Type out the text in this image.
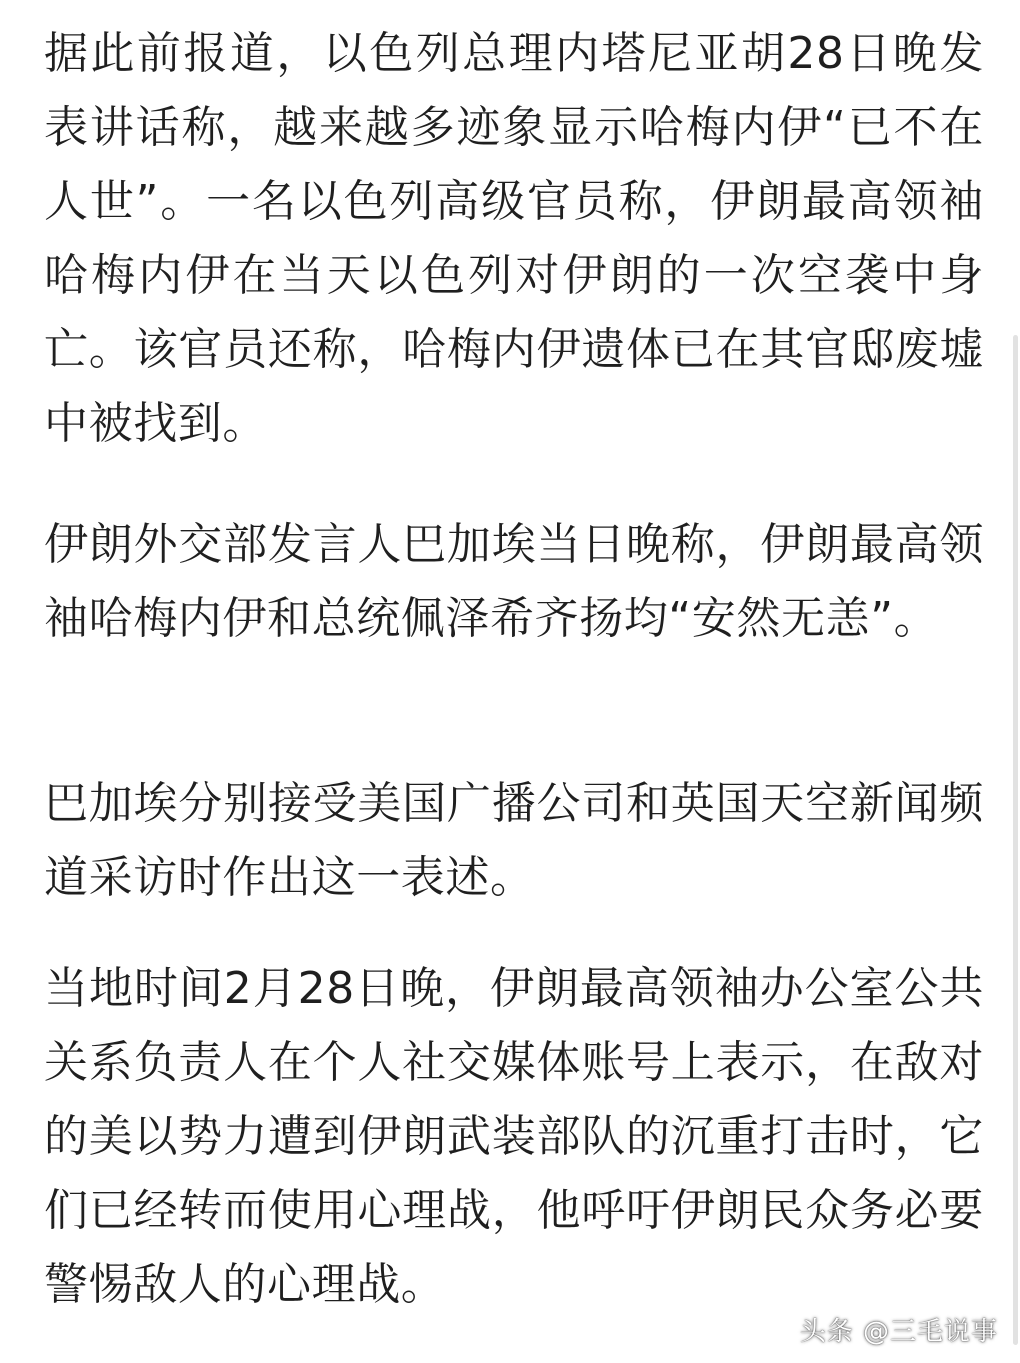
据此前报道，以色列总理内塔尼亚胡28日晚发表讲话称，越来越多迹象显示哈梅内伊“已不在人世”。一名以色列高级官员称，伊朗最高领袖哈梅内伊在当天以色列对伊朗的一次空袭中身亡。该官员还称，哈梅内伊遗体已在其官邸废墟中被找到。

伊朗外交部发言人巴加埃当日晚称，伊朗最高领袖哈梅内伊和总统佩泽希齐扬均“安然无恙”。

巴加埃分别接受美国广播公司和英国天空新闻频道采访时作出这一表述。

当地时间2月28日晚，伊朗最高领袖办公室公共关系负责人在个人社交媒体账号上表示，在敌对的美以势力遭到伊朗武装部队的沉重打击时，它们已经转而使用心理战，他呼吁伊朗民众务必要警惕敌人的心理战。

头条 @三毛说事
